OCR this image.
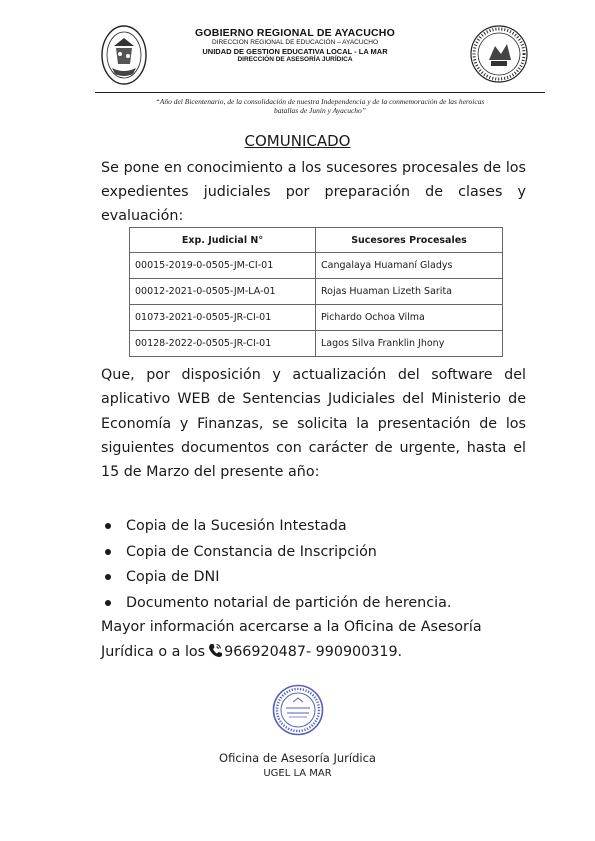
GOBIERNO REGIONAL DE AYACUCHO
DIRECCION REGIONAL DE EDUCACIÓN – AYACUCHO
UNIDAD DE GESTION EDUCATIVA LOCAL - LA MAR
DIRECCIÓN DE ASESORÍA JURÍDICA
“Año del Bicentenario, de la consolidación de nuestra Independencia y de la conmemoración de las heroicas
batallas de Junín y Ayacucho”
COMUNICADO
Se pone en conocimiento a los sucesores procesales de los expedientes judiciales por preparación de clases y evaluación:
Exp. Judicial N°	Sucesores Procesales
00015-2019-0-0505-JM-CI-01	Cangalaya Huamaní Gladys
00012-2021-0-0505-JM-LA-01	Rojas Huaman Lizeth Sarita
01073-2021-0-0505-JR-CI-01	Pichardo Ochoa Vilma
00128-2022-0-0505-JR-CI-01	Lagos Silva Franklin Jhony
Que, por disposición y actualización del software del aplicativo WEB de Sentencias Judiciales del Ministerio de Economía y Finanzas, se solicita la presentación de los siguientes documentos con carácter de urgente, hasta el 15 de Marzo del presente año:
Copia de la Sucesión Intestada
Copia de Constancia de Inscripción
Copia de DNI
Documento notarial de partición de herencia.
Mayor información acercarse a la Oficina de Asesoría
Jurídica o a los 966920487- 990900319.
Oficina de Asesoría Jurídica
UGEL LA MAR
